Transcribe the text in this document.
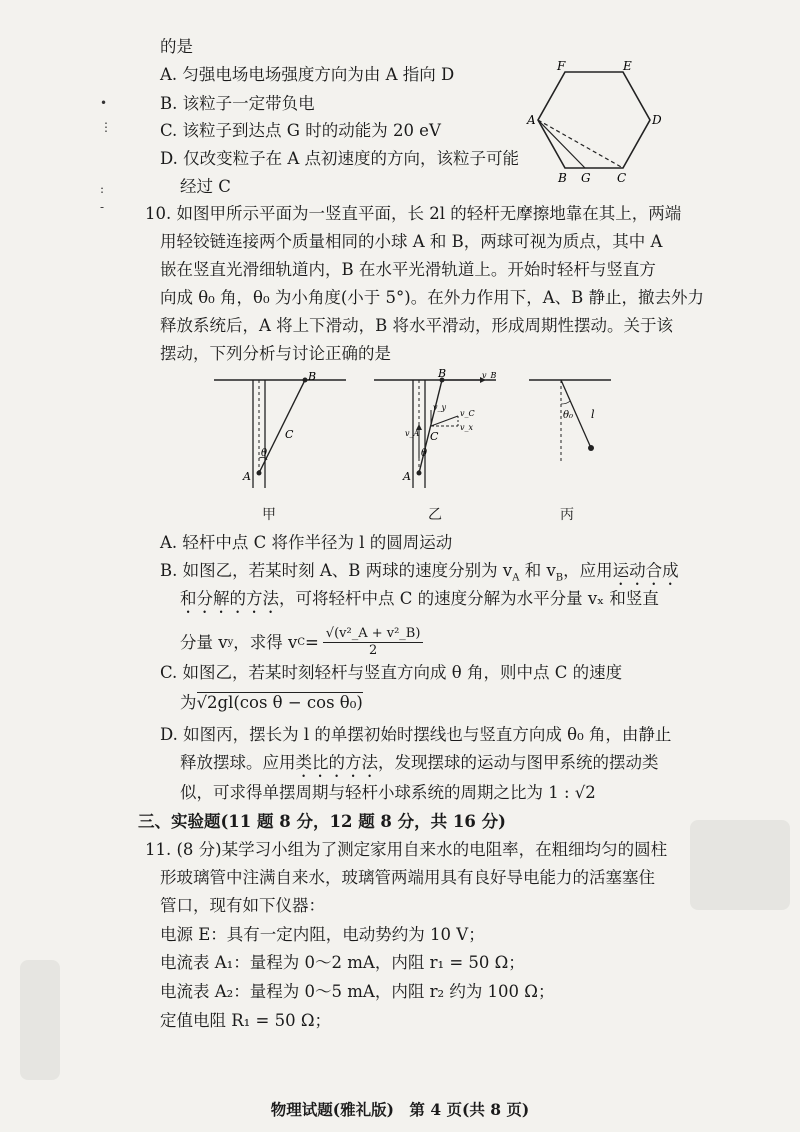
•
⋮
:
-
的是
A. 匀强电场电场强度方向为由 A 指向 D
B. 该粒子一定带负电
C. 该粒子到达点 G 时的动能为 20 eV
D. 仅改变粒子在 A 点初速度的方向，该粒子可能
经过 C
F	E
D
A
B G C
10. 如图甲所示平面为一竖直平面，长 2l 的轻杆无摩擦地靠在其上，两端
用轻铰链连接两个质量相同的小球 A 和 B，两球可视为质点，其中 A
嵌在竖直光滑细轨道内，B 在水平光滑轨道上。开始时轻杆与竖直方
向成 θ₀ 角，θ₀ 为小角度(小于 5°)。在外力作用下，A、B 静止，撤去外力
释放系统后，A 将上下滑动，B 将水平滑动，形成周期性摆动。关于该
摆动，下列分析与讨论正确的是
B
C
θ
A
甲
B	v_B
v_C
v_x
v_y
v_A C
θ
A
乙
θ₀ l
丙
A. 轻杆中点 C 将作半径为 l 的圆周运动
B. 如图乙，若某时刻 A、B 两球的速度分别为 $v_A$ 和 $v_B$，应用运动合成
和分解的方法，可将轻杆中点 C 的速度分解为水平分量 vₓ 和竖直
分量 v y ，求得 v $C = \frac{\text{√(v²\_A + v²\_B)}}{2}$
C. 如图乙，若某时刻轻杆与竖直方向成 θ 角，则中点 C 的速度
为√2gl(cos θ − cos θ₀)
D. 如图丙，摆长为 l 的单摆初始时摆线也与竖直方向成 θ₀ 角，由静止
释放摆球。应用类比的方法，发现摆球的运动与图甲系统的摆动类
似，可求得单摆周期与轻杆小球系统的周期之比为 1 : √2
三、实验题(11 题 8 分，12 题 8 分，共 16 分)
11. (8 分)某学习小组为了测定家用自来水的电阻率，在粗细均匀的圆柱
形玻璃管中注满自来水，玻璃管两端用具有良好导电能力的活塞塞住
管口，现有如下仪器：
电源 E：具有一定内阻，电动势约为 10 V；
电流表 A₁：量程为 0～2 mA，内阻 r₁ = 50 Ω；
电流表 A₂：量程为 0～5 mA，内阻 r₂ 约为 100 Ω；
定值电阻 R₁ = 50 Ω；
物理试题(雅礼版)　第 4 页(共 8 页)
